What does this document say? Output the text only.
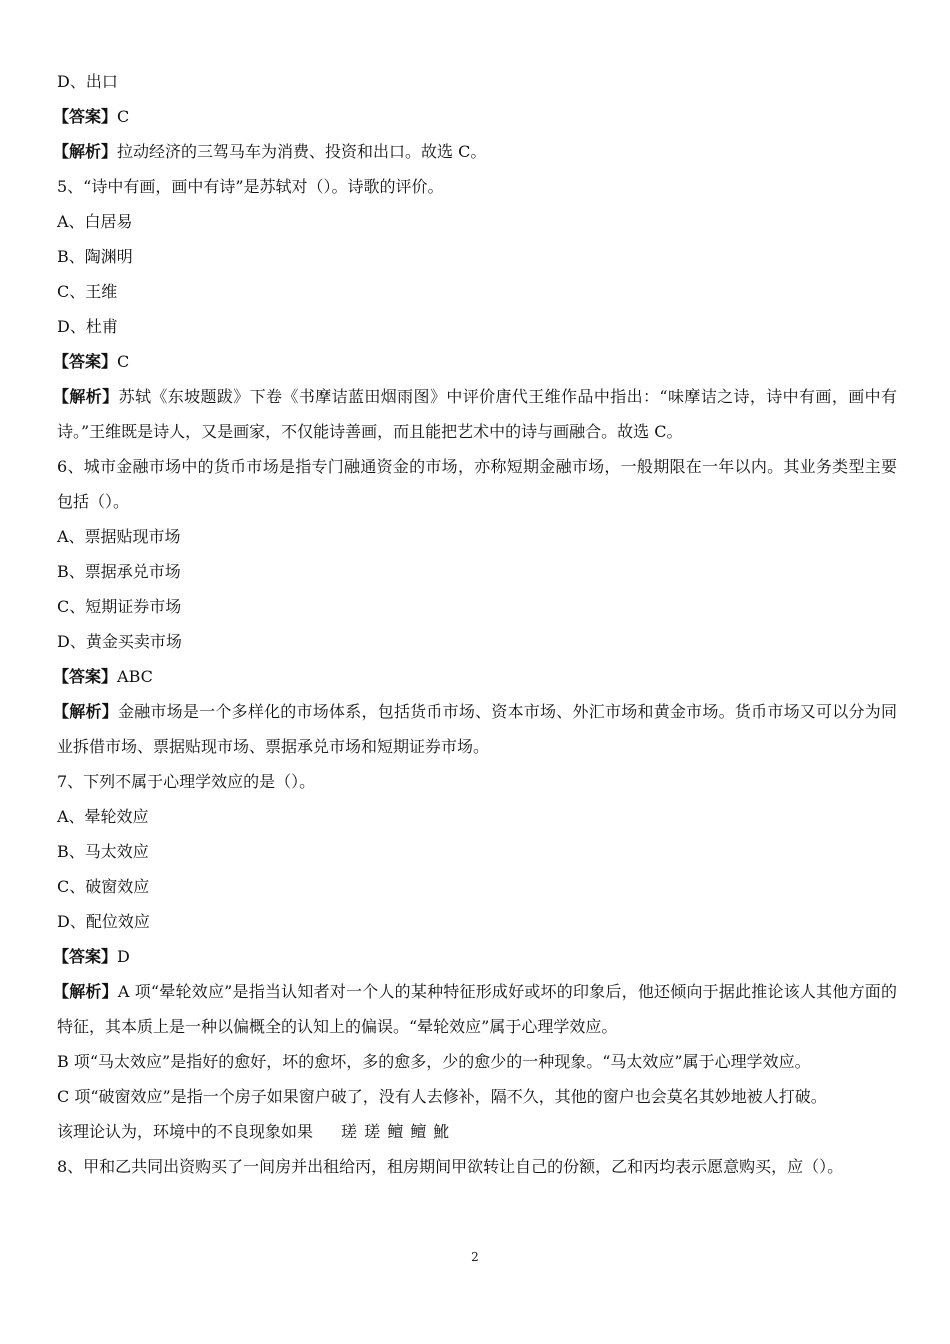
D、出口
【答案】C
【解析】拉动经济的三驾马车为消费、投资和出口。故选 C。
5、“诗中有画，画中有诗”是苏轼对（）。诗歌的评价。
A、白居易
B、陶渊明
C、王维
D、杜甫
【答案】C
【解析】苏轼《东坡题跋》下卷《书摩诘蓝田烟雨图》中评价唐代王维作品中指出：“味摩诘之诗，诗中有画，画中有诗。”王维既是诗人，又是画家，不仅能诗善画，而且能把艺术中的诗与画融合。故选 C。
6、城市金融市场中的货币市场是指专门融通资金的市场，亦称短期金融市场，一般期限在一年以内。其业务类型主要包括（）。
A、票据贴现市场
B、票据承兑市场
C、短期证券市场
D、黄金买卖市场
【答案】ABC
【解析】金融市场是一个多样化的市场体系，包括货币市场、资本市场、外汇市场和黄金市场。货币市场又可以分为同业拆借市场、票据贴现市场、票据承兑市场和短期证券市场。
7、下列不属于心理学效应的是（）。
A、晕轮效应
B、马太效应
C、破窗效应
D、配位效应
【答案】D
【解析】A 项“晕轮效应”是指当认知者对一个人的某种特征形成好或坏的印象后，他还倾向于据此推论该人其他方面的特征，其本质上是一种以偏概全的认知上的偏误。“晕轮效应”属于心理学效应。
B 项“马太效应”是指好的愈好，坏的愈坏，多的愈多，少的愈少的一种现象。“马太效应”属于心理学效应。
C 项“破窗效应”是指一个房子如果窗户破了，没有人去修补，隔不久，其他的窗户也会莫名其妙地被人打破。
该理论认为，环境中的不良现象如果 瑳 瑳 鳣 鳣 魤
8、甲和乙共同出资购买了一间房并出租给丙，租房期间甲欲转让自己的份额，乙和丙均表示愿意购买，应（）。
2
